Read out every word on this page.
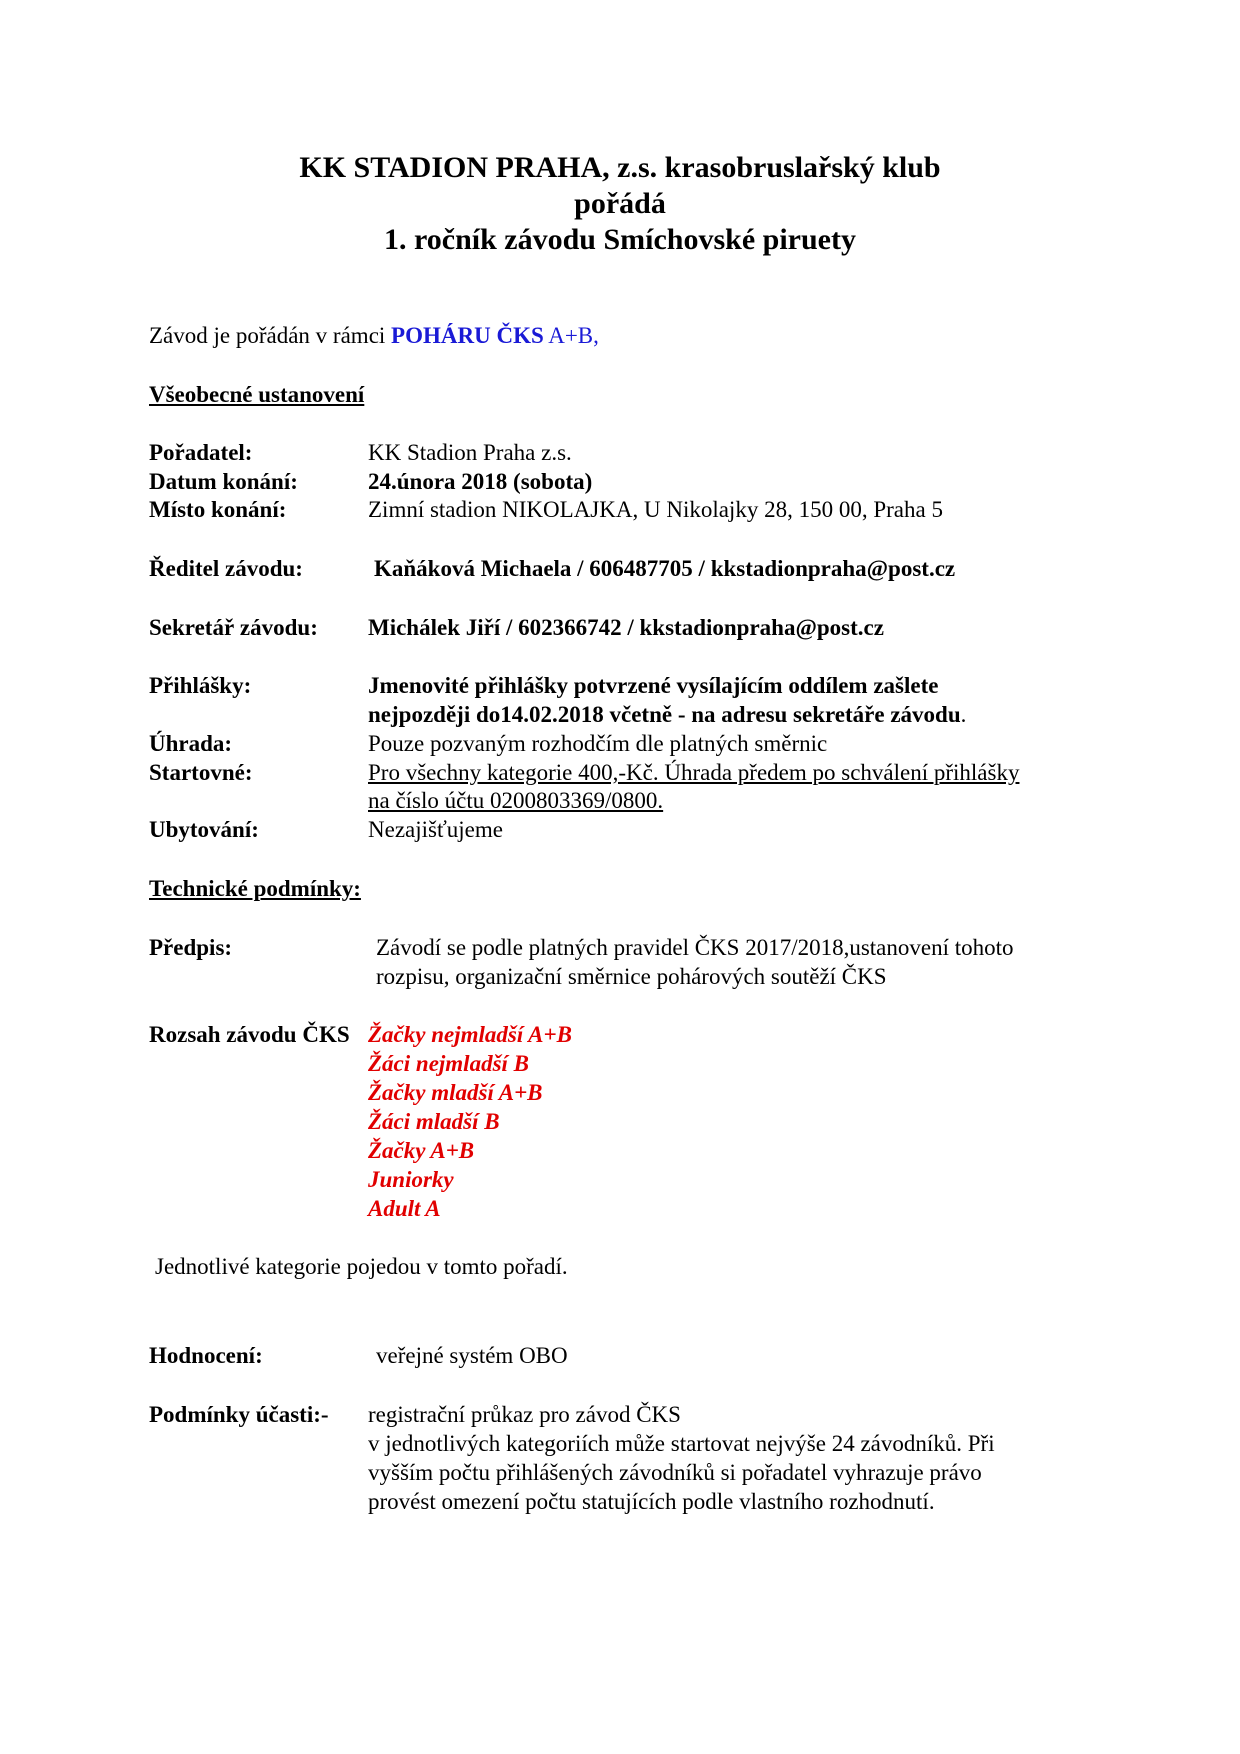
KK STADION PRAHA, z.s. krasobruslařský klub
pořádá
1. ročník závodu Smíchovské piruety
Závod je pořádán v rámci POHÁRU ČKS A+B,
Všeobecné ustanovení
Pořadatel:	KK Stadion Praha z.s.
Datum konání:	24.února 2018 (sobota)
Místo konání:	Zimní stadion NIKOLAJKA, U Nikolajky 28, 150 00, Praha 5
Ředitel závodu:	Kaňáková Michaela / 606487705 / kkstadionpraha@post.cz
Sekretář závodu: Michálek Jiří / 602366742 / kkstadionpraha@post.cz
Přihlášky:	Jmenovité přihlášky potvrzené vysílajícím oddílem zašlete
nejpozději do14.02.2018 včetně - na adresu sekretáře závodu.
Úhrada:	Pouze pozvaným rozhodčím dle platných směrnic
Startovné:	Pro všechny kategorie 400,-Kč. Úhrada předem po schválení přihlášky
na číslo účtu 0200803369/0800.
Ubytování:	Nezajišťujeme
Technické podmínky:
Předpis:	Závodí se podle platných pravidel ČKS 2017/2018,ustanovení tohoto
rozpisu, organizační směrnice pohárových soutěží ČKS
Rozsah závodu ČKS Žačky nejmladší A+B
Žáci nejmladší B
Žačky mladší A+B
Žáci mladší B
Žačky A+B
Juniorky
Adult A
Jednotlivé kategorie pojedou v tomto pořadí.
Hodnocení:	veřejné systém OBO
Podmínky účasti:- registrační průkaz pro závod ČKS
v jednotlivých kategoriích může startovat nejvýše 24 závodníků. Při
vyšším počtu přihlášených závodníků si pořadatel vyhrazuje právo
provést omezení počtu statujících podle vlastního rozhodnutí.
